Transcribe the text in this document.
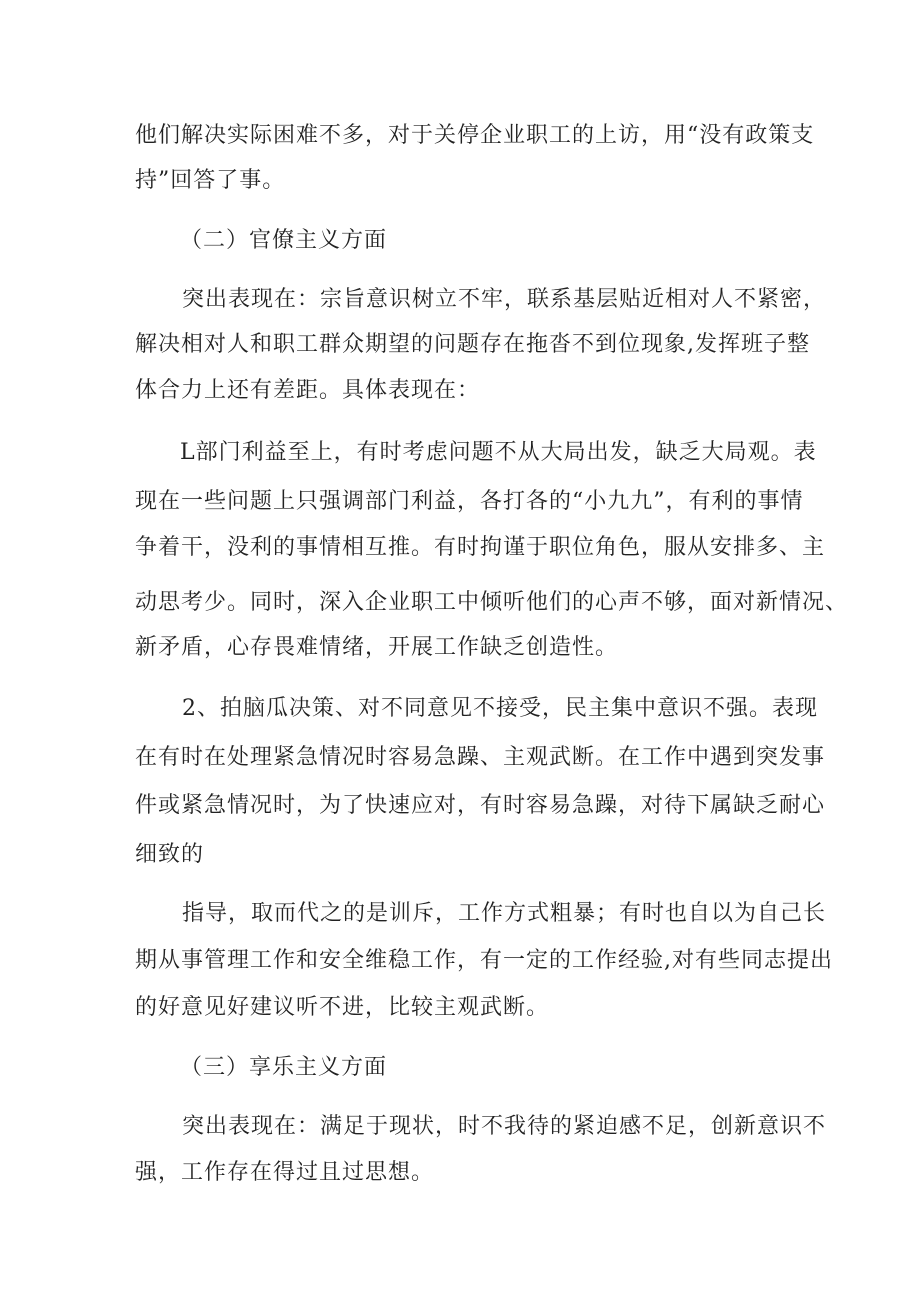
他们解决实际困难不多，对于关停企业职工的上访，用“没有政策支
持”回答了事。
（二）官僚主义方面
突出表现在：宗旨意识树立不牢，联系基层贴近相对人不紧密，
解决相对人和职工群众期望的问题存在拖沓不到位现象,发挥班子整
体合力上还有差距。具体表现在：
L部门利益至上，有时考虑问题不从大局出发，缺乏大局观。表
现在一些问题上只强调部门利益，各打各的“小九九”，有利的事情
争着干，没利的事情相互推。有时拘谨于职位角色，服从安排多、主
动思考少。同时，深入企业职工中倾听他们的心声不够，面对新情况、
新矛盾，心存畏难情绪，开展工作缺乏创造性。
2、拍脑瓜决策、对不同意见不接受，民主集中意识不强。表现
在有时在处理紧急情况时容易急躁、主观武断。在工作中遇到突发事
件或紧急情况时，为了快速应对，有时容易急躁，对待下属缺乏耐心
细致的
指导，取而代之的是训斥，工作方式粗暴；有时也自以为自己长
期从事管理工作和安全维稳工作，有一定的工作经验,对有些同志提出
的好意见好建议听不进，比较主观武断。
（三）享乐主义方面
突出表现在：满足于现状，时不我待的紧迫感不足，创新意识不
强，工作存在得过且过思想。
